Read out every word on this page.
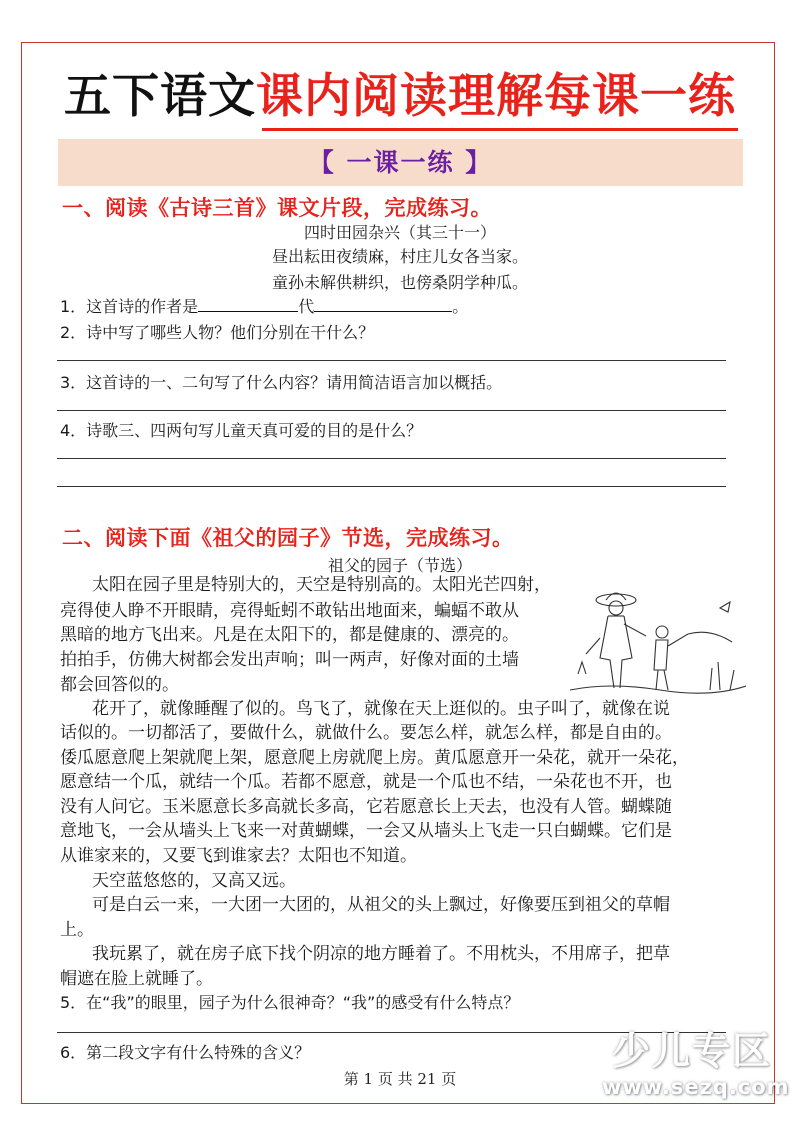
五下语文课内阅读理解每课一练
【 一课一练 】
一、阅读《古诗三首》课文片段，完成练习。
四时田园杂兴（其三十一）
昼出耘田夜绩麻，村庄儿女各当家。
童孙未解供耕织，也傍桑阴学种瓜。
1．这首诗的作者是	代	。
2．诗中写了哪些人物？他们分别在干什么？
3．这首诗的一、二句写了什么内容？请用简洁语言加以概括。
4．诗歌三、四两句写儿童天真可爱的目的是什么？
二、阅读下面《祖父的园子》节选，完成练习。
祖父的园子（节选）
太阳在园子里是特别大的，天空是特别高的。太阳光芒四射，
亮得使人睁不开眼睛，亮得蚯蚓不敢钻出地面来，蝙蝠不敢从
黑暗的地方飞出来。凡是在太阳下的，都是健康的、漂亮的。
拍拍手，仿佛大树都会发出声响；叫一两声，好像对面的土墙
都会回答似的。
花开了，就像睡醒了似的。鸟飞了，就像在天上逛似的。虫子叫了，就像在说
话似的。一切都活了，要做什么，就做什么。要怎么样，就怎么样，都是自由的。
倭瓜愿意爬上架就爬上架，愿意爬上房就爬上房。黄瓜愿意开一朵花，就开一朵花，
愿意结一个瓜，就结一个瓜。若都不愿意，就是一个瓜也不结，一朵花也不开，也
没有人问它。玉米愿意长多高就长多高，它若愿意长上天去，也没有人管。蝴蝶随
意地飞，一会从墙头上飞来一对黄蝴蝶，一会又从墙头上飞走一只白蝴蝶。它们是
从谁家来的，又要飞到谁家去？太阳也不知道。
天空蓝悠悠的，又高又远。
可是白云一来，一大团一大团的，从祖父的头上飘过，好像要压到祖父的草帽
上。
我玩累了，就在房子底下找个阴凉的地方睡着了。不用枕头，不用席子，把草
帽遮在脸上就睡了。
5．在“我”的眼里，园子为什么很神奇？“我”的感受有什么特点？
6．第二段文字有什么特殊的含义？
第 1 页 共 21 页
少儿专区
www.sezq.com
